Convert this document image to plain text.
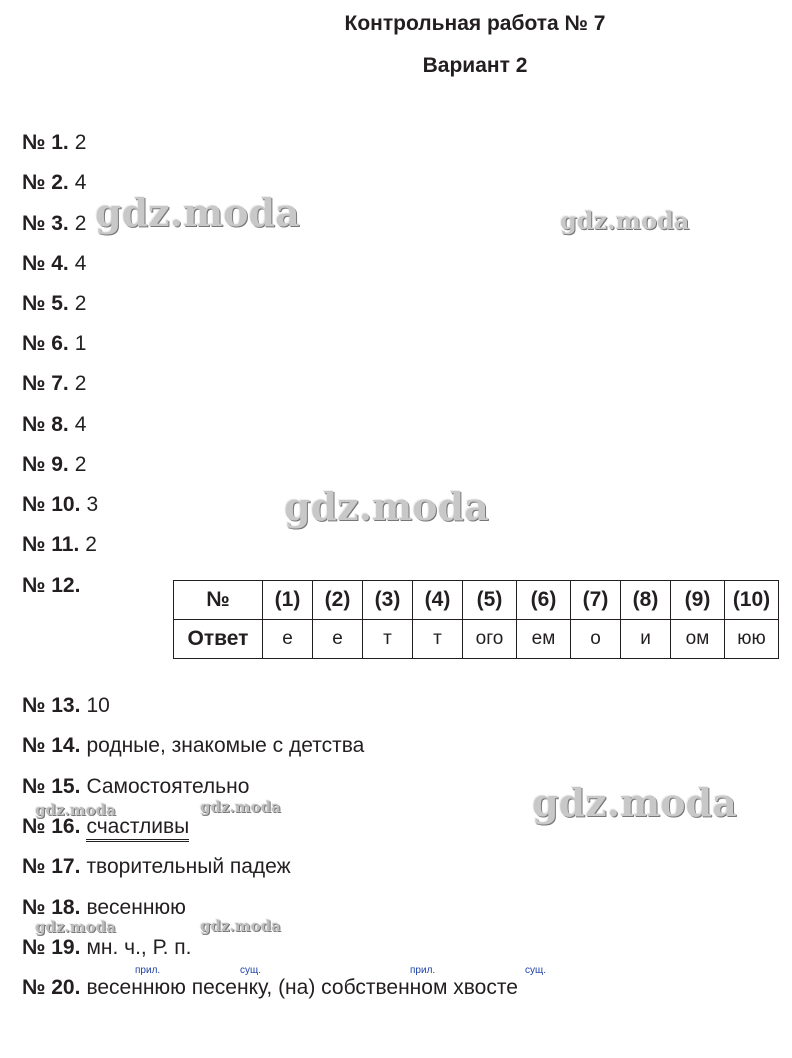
Контрольная работа № 7
Вариант 2
№ 1. 2
№ 2. 4
№ 3. 2
№ 4. 4
№ 5. 2
№ 6. 1
№ 7. 2
№ 8. 4
№ 9. 2
№ 10. 3
№ 11. 2
№ 12.
№	(1)	(2)	(3)	(4)	(5)	(6)	(7)	(8)	(9)	(10)
Ответ	е	е	т	т	ого	ем	о	и	ом	юю
№ 13. 10
№ 14. родные, знакомые с детства
№ 15. Самостоятельно
№ 16. счастливы
№ 17. творительный падеж
№ 18. весеннюю
№ 19. мн. ч., Р. п.
прил.	сущ.	прил.	сущ.
№ 20. весеннюю песенку, (на) собственном хвосте
gdz.moda	gdz.moda
gdz.moda
gdz.moda
gdz.moda	gdz.moda
gdz.moda	gdz.moda
